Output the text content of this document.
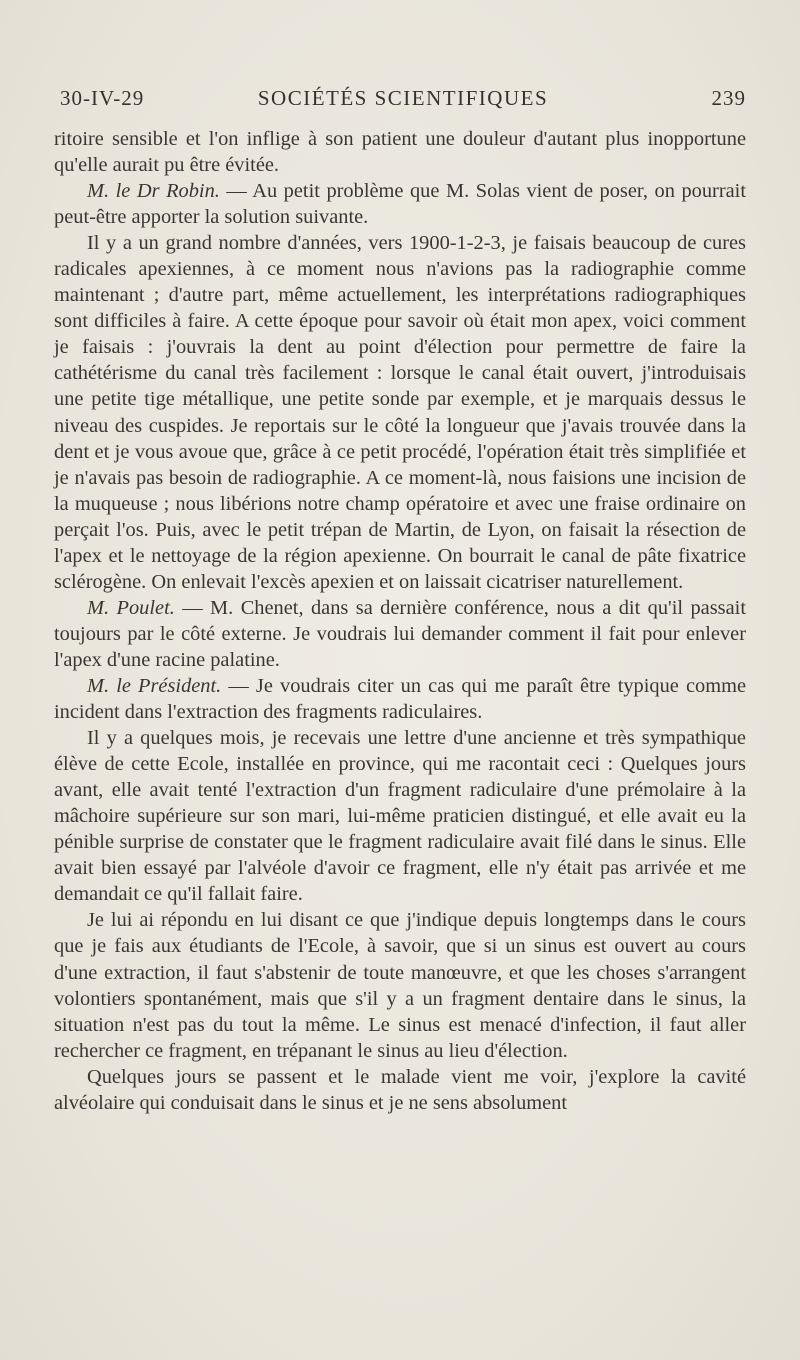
30-IV-29	SOCIÉTÉS SCIENTIFIQUES	239

ritoire sensible et l'on inflige à son patient une douleur d'autant plus inopportune qu'elle aurait pu être évitée.

M. le Dr Robin. — Au petit problème que M. Solas vient de poser, on pourrait peut-être apporter la solution suivante.

Il y a un grand nombre d'années, vers 1900-1-2-3, je faisais beaucoup de cures radicales apexiennes, à ce moment nous n'avions pas la radiographie comme maintenant ; d'autre part, même actuellement, les interprétations radiographiques sont difficiles à faire. A cette époque pour savoir où était mon apex, voici comment je faisais : j'ouvrais la dent au point d'élection pour permettre de faire la cathétérisme du canal très facilement : lorsque le canal était ouvert, j'introduisais une petite tige métallique, une petite sonde par exemple, et je marquais dessus le niveau des cuspides. Je reportais sur le côté la longueur que j'avais trouvée dans la dent et je vous avoue que, grâce à ce petit procédé, l'opération était très simplifiée et je n'avais pas besoin de radiographie. A ce moment-là, nous faisions une incision de la muqueuse ; nous libérions notre champ opératoire et avec une fraise ordinaire on perçait l'os. Puis, avec le petit trépan de Martin, de Lyon, on faisait la résection de l'apex et le nettoyage de la région apexienne. On bourrait le canal de pâte fixatrice sclérogène. On enlevait l'excès apexien et on laissait cicatriser naturellement.

M. Poulet. — M. Chenet, dans sa dernière conférence, nous a dit qu'il passait toujours par le côté externe. Je voudrais lui demander comment il fait pour enlever l'apex d'une racine palatine.

M. le Président. — Je voudrais citer un cas qui me paraît être typique comme incident dans l'extraction des fragments radiculaires.

Il y a quelques mois, je recevais une lettre d'une ancienne et très sympathique élève de cette Ecole, installée en province, qui me racontait ceci : Quelques jours avant, elle avait tenté l'extraction d'un fragment radiculaire d'une prémolaire à la mâchoire supérieure sur son mari, lui-même praticien distingué, et elle avait eu la pénible surprise de constater que le fragment radiculaire avait filé dans le sinus. Elle avait bien essayé par l'alvéole d'avoir ce fragment, elle n'y était pas arrivée et me demandait ce qu'il fallait faire.

Je lui ai répondu en lui disant ce que j'indique depuis longtemps dans le cours que je fais aux étudiants de l'Ecole, à savoir, que si un sinus est ouvert au cours d'une extraction, il faut s'abstenir de toute manœuvre, et que les choses s'arrangent volontiers spontanément, mais que s'il y a un fragment dentaire dans le sinus, la situation n'est pas du tout la même. Le sinus est menacé d'infection, il faut aller rechercher ce fragment, en trépanant le sinus au lieu d'élection.

Quelques jours se passent et le malade vient me voir, j'explore la cavité alvéolaire qui conduisait dans le sinus et je ne sens absolument
